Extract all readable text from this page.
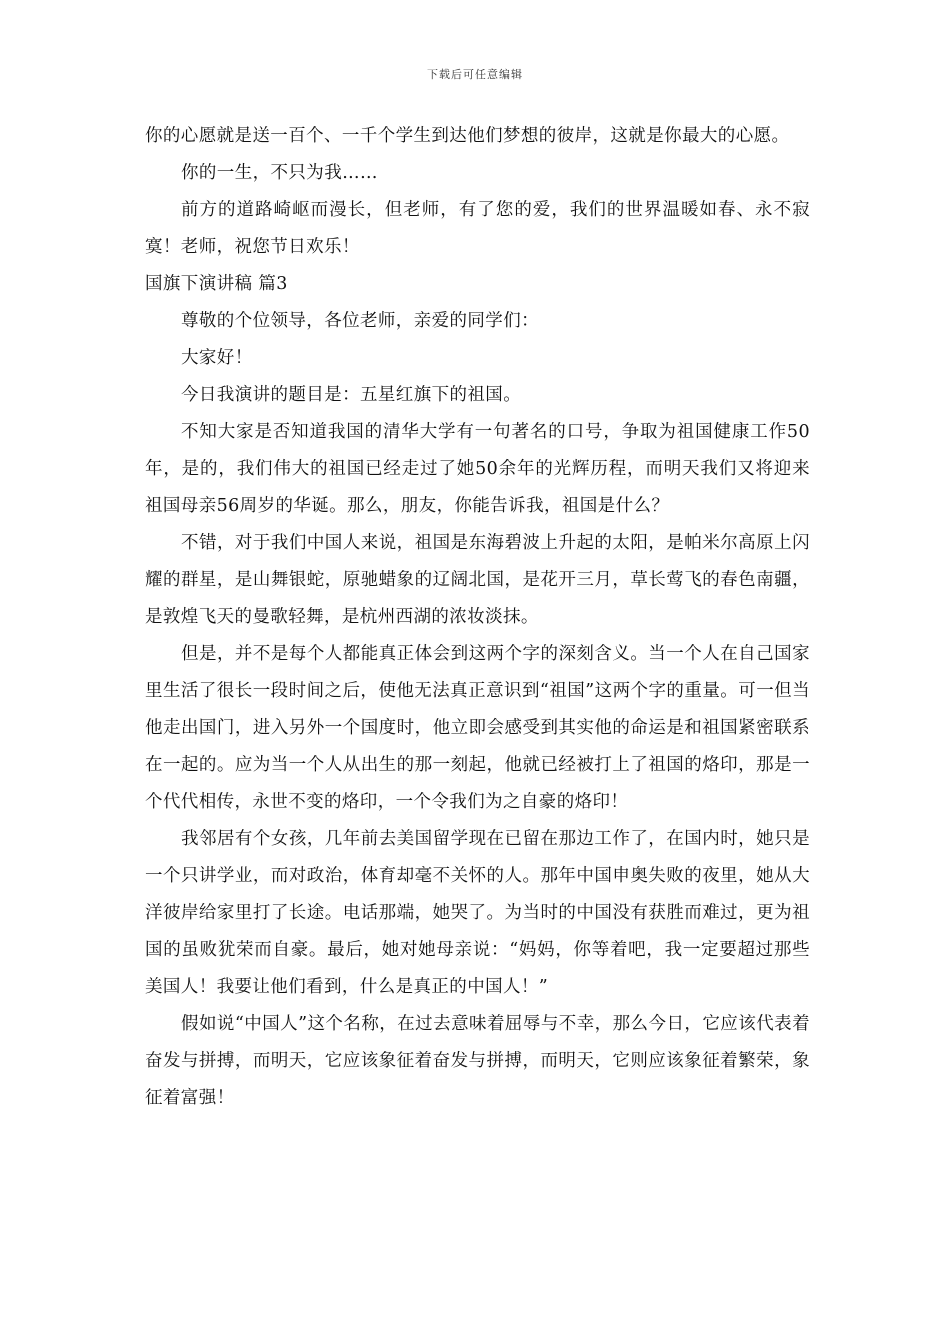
下载后可任意编辑

你的心愿就是送一百个、一千个学生到达他们梦想的彼岸，这就是你最大的心愿。

你的一生，不只为我……

前方的道路崎岖而漫长，但老师，有了您的爱，我们的世界温暖如春、永不寂寞！老师，祝您节日欢乐！

国旗下演讲稿 篇3

尊敬的个位领导，各位老师，亲爱的同学们：

大家好！

今日我演讲的题目是：五星红旗下的祖国。

不知大家是否知道我国的清华大学有一句著名的口号，争取为祖国健康工作50年，是的，我们伟大的祖国已经走过了她50余年的光辉历程，而明天我们又将迎来祖国母亲56周岁的华诞。那么，朋友，你能告诉我，祖国是什么？

不错，对于我们中国人来说，祖国是东海碧波上升起的太阳，是帕米尔高原上闪耀的群星，是山舞银蛇，原驰蜡象的辽阔北国，是花开三月，草长莺飞的春色南疆，是敦煌飞天的曼歌轻舞，是杭州西湖的浓妆淡抹。

但是，并不是每个人都能真正体会到这两个字的深刻含义。当一个人在自己国家里生活了很长一段时间之后，使他无法真正意识到“祖国”这两个字的重量。可一但当他走出国门，进入另外一个国度时，他立即会感受到其实他的命运是和祖国紧密联系在一起的。应为当一个人从出生的那一刻起，他就已经被打上了祖国的烙印，那是一个代代相传，永世不变的烙印，一个令我们为之自豪的烙印！

我邻居有个女孩，几年前去美国留学现在已留在那边工作了，在国内时，她只是一个只讲学业，而对政治，体育却毫不关怀的人。那年中国申奥失败的夜里，她从大洋彼岸给家里打了长途。电话那端，她哭了。为当时的中国没有获胜而难过，更为祖国的虽败犹荣而自豪。最后，她对她母亲说：“妈妈，你等着吧，我一定要超过那些美国人！我要让他们看到，什么是真正的中国人！”

假如说“中国人”这个名称，在过去意味着屈辱与不幸，那么今日，它应该代表着奋发与拼搏，而明天，它应该象征着奋发与拼搏，而明天，它则应该象征着繁荣，象征着富强！
